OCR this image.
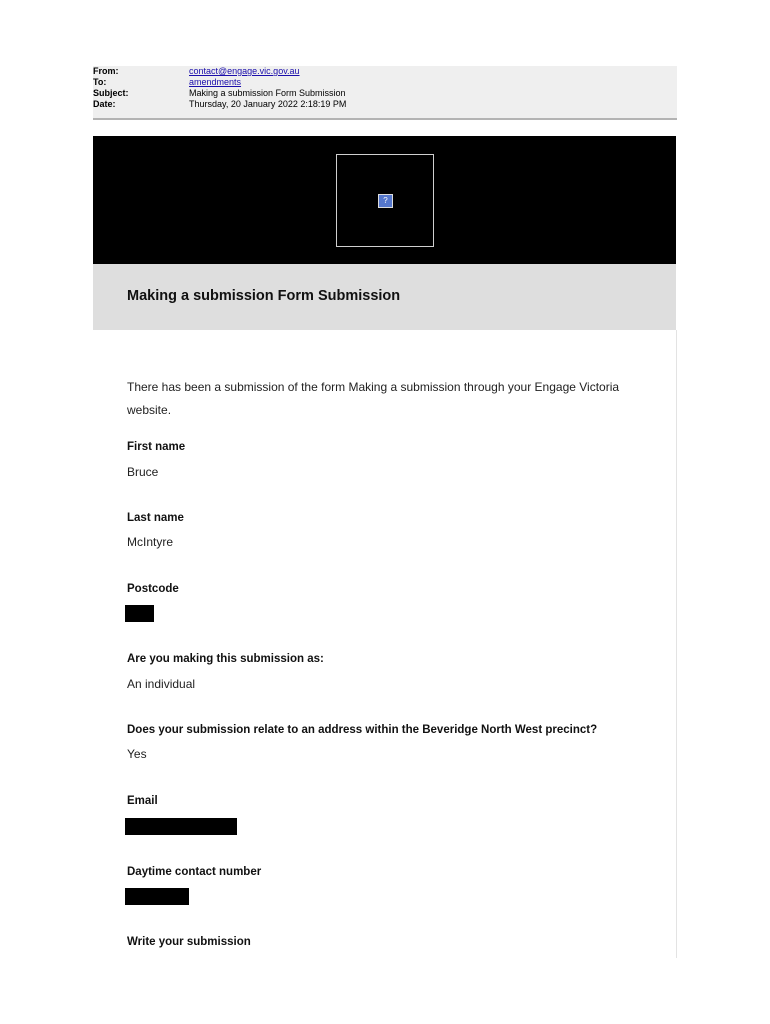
From:	contact@engage.vic.gov.au
To:	amendments
Subject:	Making a submission Form Submission
Date:	Thursday, 20 January 2022 2:18:19 PM
?
Making a submission Form Submission
There has been a submission of the form Making a submission through your Engage Victoria website.
First name
Bruce
Last name
McIntyre
Postcode
Are you making this submission as:
An individual
Does your submission relate to an address within the Beveridge North West precinct?
Yes
Email
Daytime contact number
Write your submission
